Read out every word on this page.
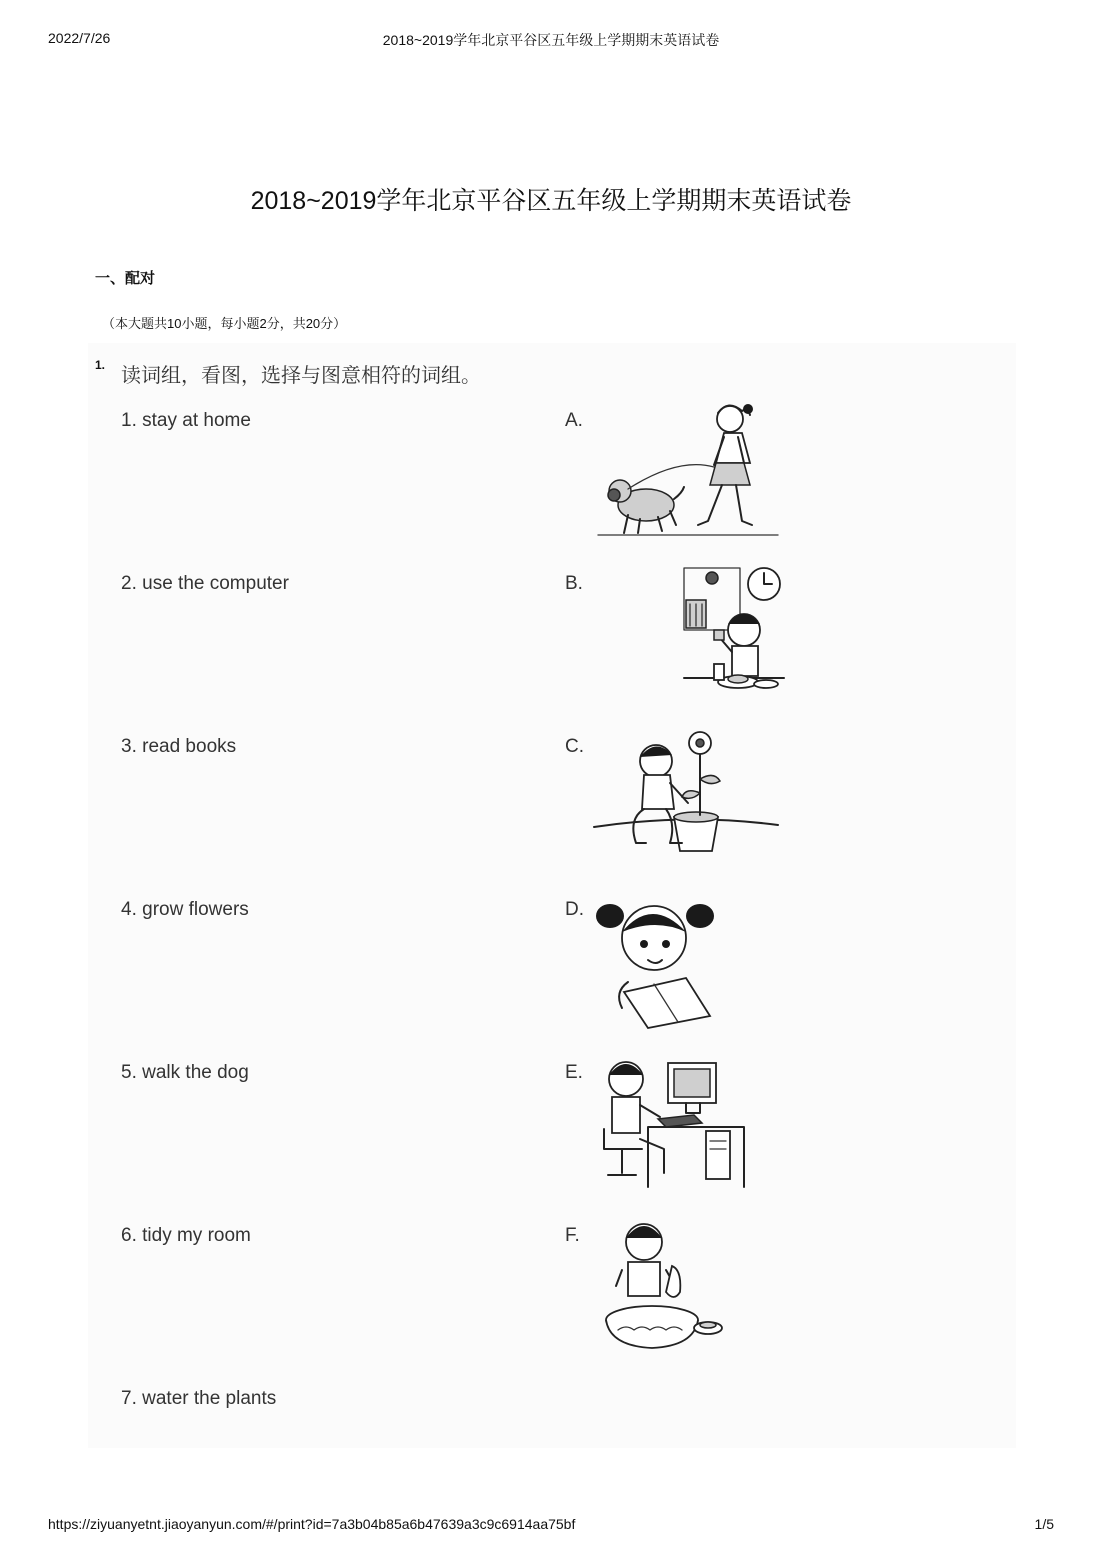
2022/7/26	2018~2019学年北京平谷区五年级上学期期末英语试卷
2018~2019学年北京平谷区五年级上学期期末英语试卷
一、配对
（本大题共10小题，每小题2分，共20分）
1. 读词组，看图，选择与图意相符的词组。
1. stay at home	A.
2. use the computer	B.
3. read books	C.
4. grow flowers	D.
5. walk the dog	E.
6. tidy my room	F.
7. water the plants
https://ziyuanyetnt.jiaoyanyun.com/#/print?id=7a3b04b85a6b47639a3c9c6914aa75bf	1/5
